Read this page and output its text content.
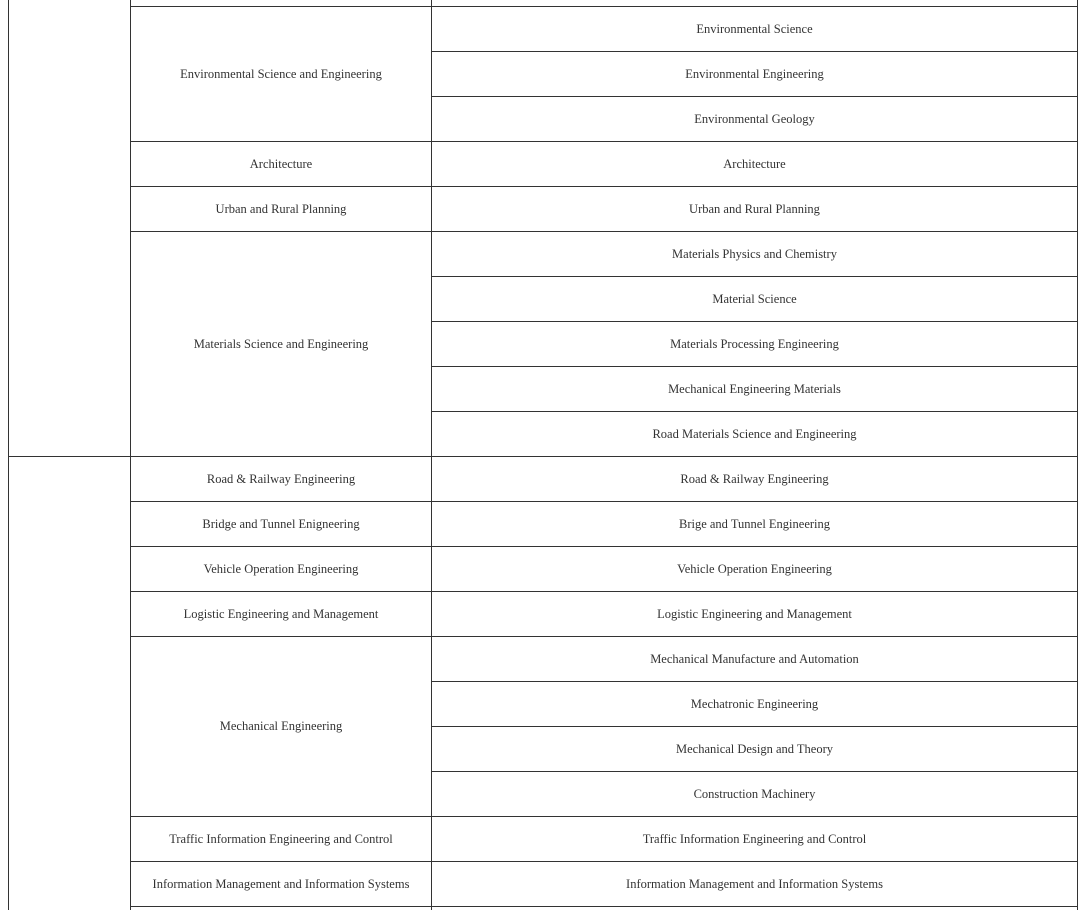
Environmental Science and Engineering
Architecture
Urban and Rural Planning
Materials Science and Engineering
Road & Railway Engineering
Bridge and Tunnel Enigneering
Vehicle Operation Engineering
Logistic Engineering and Management
Mechanical Engineering
Traffic Information Engineering and Control
Information Management and Information Systems
Environmental Science
Environmental Engineering
Environmental Geology
Architecture
Urban and Rural Planning
Materials Physics and Chemistry
Material Science
Materials Processing Engineering
Mechanical Engineering Materials
Road Materials Science and Engineering
Road & Railway Engineering
Brige and Tunnel Engineering
Vehicle Operation Engineering
Logistic Engineering and Management
Mechanical Manufacture and Automation
Mechatronic Engineering
Mechanical Design and Theory
Construction Machinery
Traffic Information Engineering and Control
Information Management and Information Systems
